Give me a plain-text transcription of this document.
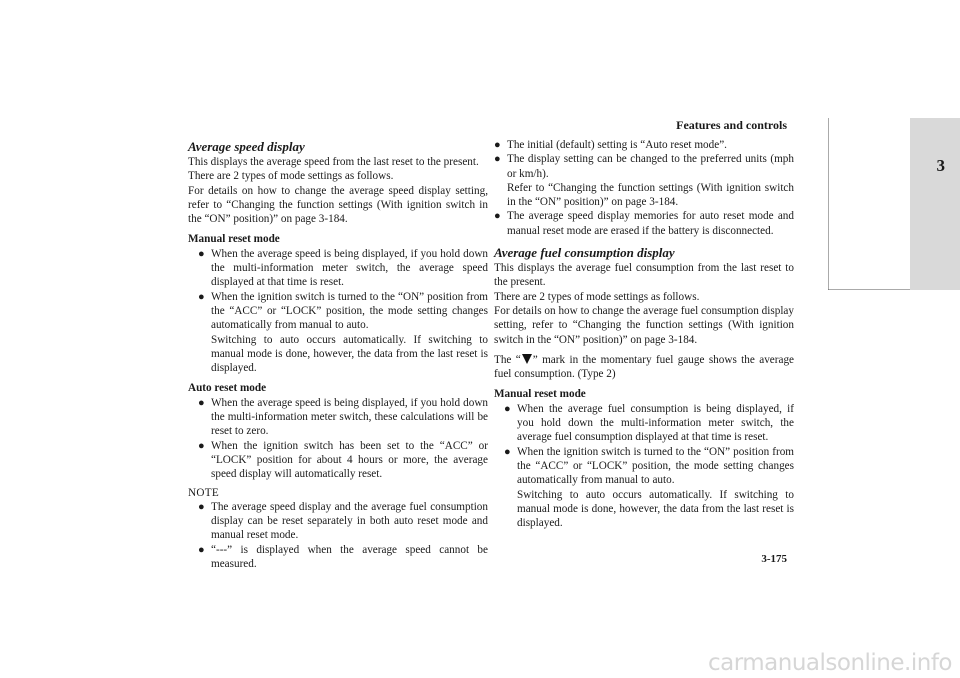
Features and controls
3
Average speed display

This displays the average speed from the last reset to the present.

There are 2 types of mode settings as follows.

For details on how to change the average speed display setting, refer to “Changing the function settings (With ignition switch in the “ON” position)” on page 3-184.

Manual reset mode
● When the average speed is being displayed, if you hold down the multi-information meter switch, the average speed displayed at that time is reset.
● When the ignition switch is turned to the “ON” position from the “ACC” or “LOCK” position, the mode setting changes automatically from manual to auto.
Switching to auto occurs automatically. If switching to manual mode is done, however, the data from the last reset is displayed.
Auto reset mode
● When the average speed is being displayed, if you hold down the multi-information meter switch, these calculations will be reset to zero.
● When the ignition switch has been set to the “ACC” or “LOCK” position for about 4 hours or more, the average speed display will automatically reset.
NOTE
● The average speed display and the average fuel consumption display can be reset separately in both auto reset mode and manual reset mode.
● “---” is displayed when the average speed cannot be measured.
● The initial (default) setting is “Auto reset mode”.
● The display setting can be changed to the preferred units (mph or km/h).
Refer to “Changing the function settings (With ignition switch in the “ON” position)” on page 3-184.
● The average speed display memories for auto reset mode and manual reset mode are erased if the battery is disconnected.
Average fuel consumption display

This displays the average fuel consumption from the last reset to the present.

There are 2 types of mode settings as follows.

For details on how to change the average fuel consumption display setting, refer to “Changing the function settings (With ignition switch in the “ON” position)” on page 3-184.

The “ ” mark in the momentary fuel gauge shows the average fuel consumption. (Type 2)

Manual reset mode
● When the average fuel consumption is being displayed, if you hold down the multi-information meter switch, the average fuel consumption displayed at that time is reset.
● When the ignition switch is turned to the “ON” position from the “ACC” or “LOCK” position, the mode setting changes automatically from manual to auto.
Switching to auto occurs automatically. If switching to manual mode is done, however, the data from the last reset is displayed.
3-175
carmanualsonline.info
